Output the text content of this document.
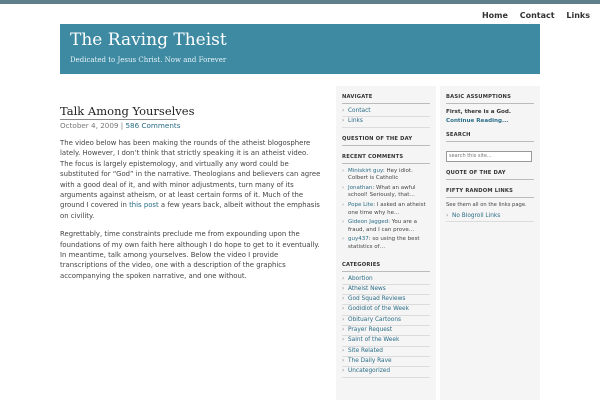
Home Contact Links
The Raving Theist
Dedicated to Jesus Christ. Now and Forever
Talk Among Yourselves
October 4, 2009 | 586 Comments

The video below has been making the rounds of the atheist blogosphere lately. However, I don’t think that strictly speaking it is an atheist video. The focus is largely epistemology, and virtually any word could be substituted for “God” in the narrative. Theologians and believers can agree with a good deal of it, and with minor adjustments, turn many of its arguments against atheism, or at least certain forms of it. Much of the ground I covered in this post a few years back, albeit without the emphasis on civility.

Regrettably, time constraints preclude me from expounding upon the foundations of my own faith here although I do hope to get to it eventually. In meantime, talk among yourselves. Below the video I provide transcriptions of the video, one with a description of the graphics accompanying the spoken narrative, and one without.

NAVIGATE
› Contact
› Links
QUESTION OF THE DAY
RECENT COMMENTS
› Miniskirt guy: Hey idiot. Colbert is Catholic
› Jonathan: What an awful school! Seriously, that…
› Pope Lite: I asked an atheist one time why he…
› Gideon Jagged: You are a fraud, and I can prove…
› guy437: so using the best statistics of…
CATEGORIES
› Abortion
› Atheist News
› God Squad Reviews
› Godidiot of the Week
› Obituary Cartoons
› Prayer Request
› Saint of the Week
› Site Related
› The Daily Rave
› Uncategorized
BASIC ASSUMPTIONS
First, there is a God.
Continue Reading...
SEARCH
search this site...
QUOTE OF THE DAY
FIFTY RANDOM LINKS
See them all on the links page.
› No Blogroll Links
